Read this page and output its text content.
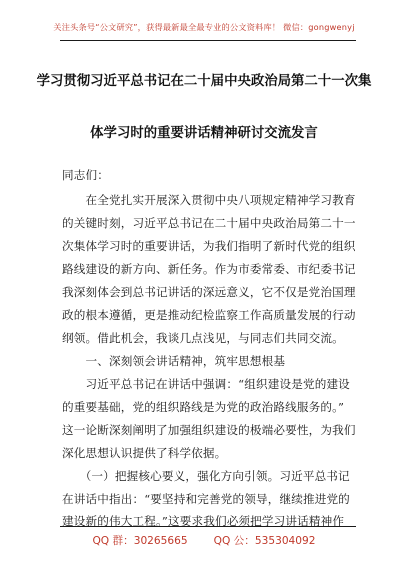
关注头条号“公文研究”，获得最新最全最专业的公文资料库！ 微信：gongwenyj
学习贯彻习近平总书记在二十届中央政治局第二十一次集
体学习时的重要讲话精神研讨交流发言
同志们：
　　在全党扎实开展深入贯彻中央八项规定精神学习教育
的关键时刻，习近平总书记在二十届中央政治局第二十一
次集体学习时的重要讲话，为我们指明了新时代党的组织
路线建设的新方向、新任务。作为市委常委、市纪委书记
我深刻体会到总书记讲话的深远意义，它不仅是党治国理
政的根本遵循，更是推动纪检监察工作高质量发展的行动
纲领。借此机会，我谈几点浅见，与同志们共同交流。
　　一、深刻领会讲话精神，筑牢思想根基
　　习近平总书记在讲话中强调：“组织建设是党的建设
的重要基础，党的组织路线是为党的政治路线服务的。”
这一论断深刻阐明了加强组织建设的极端必要性，为我们
深化思想认识提供了科学依据。
　　（一）把握核心要义，强化方向引领。习近平总书记
在讲话中指出：“要坚持和完善党的领导，继续推进党的
建设新的伟大工程。”这要求我们必须把学习讲话精神作
QQ 群：30265665 QQ 公：535304092
